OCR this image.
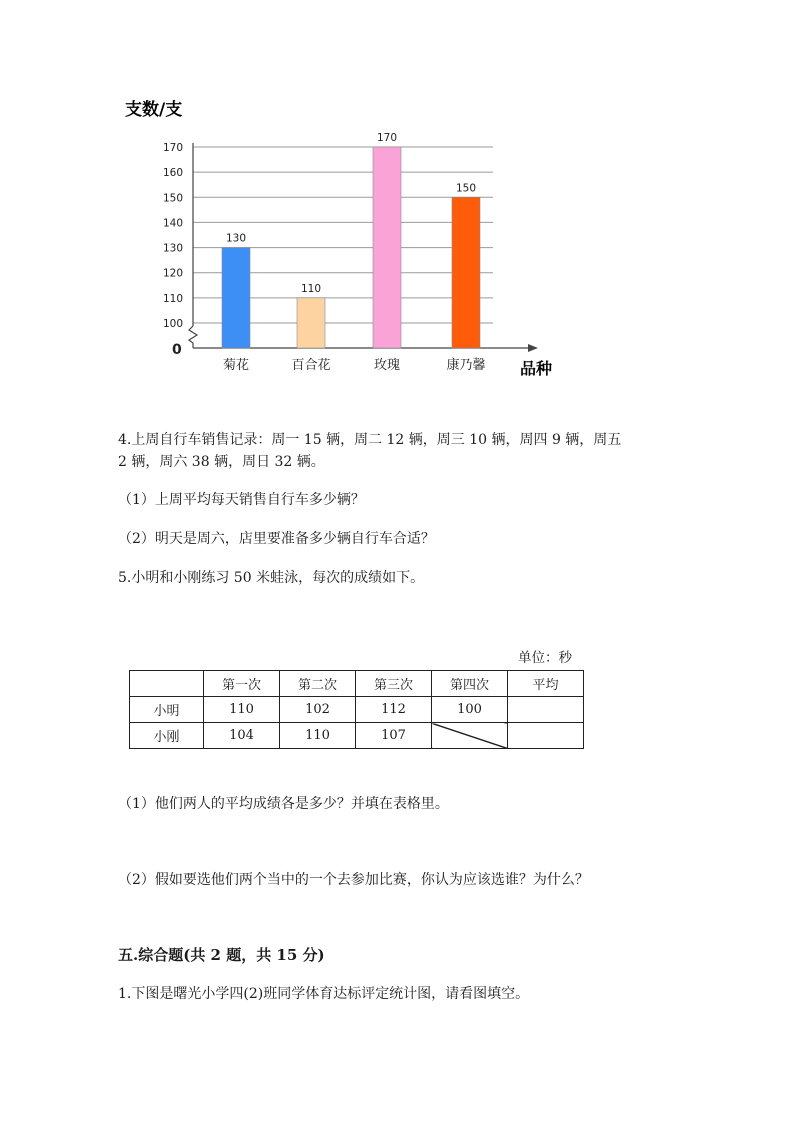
支数/支
品种
0
100
110
120
130
140
150
160
170
130
菊花
110
百合花
170
玫瑰
150
康乃馨

4.上周自行车销售记录：周一 15 辆，周二 12 辆，周三 10 辆，周四 9 辆，周五

2 辆，周六 38 辆，周日 32 辆。

（1）上周平均每天销售自行车多少辆？

（2）明天是周六，店里要准备多少辆自行车合适？

5.小明和小刚练习 50 米蛙泳，每次的成绩如下。

单位：秒
	第一次	第二次	第三次	第四次	平均
小明	110	102	112	100	
小刚	104	110	107		

（1）他们两人的平均成绩各是多少？并填在表格里。

（2）假如要选他们两个当中的一个去参加比赛，你认为应该选谁？为什么？

五.综合题(共 2 题，共 15 分)

1.下图是曙光小学四(2)班同学体育达标评定统计图，请看图填空。
